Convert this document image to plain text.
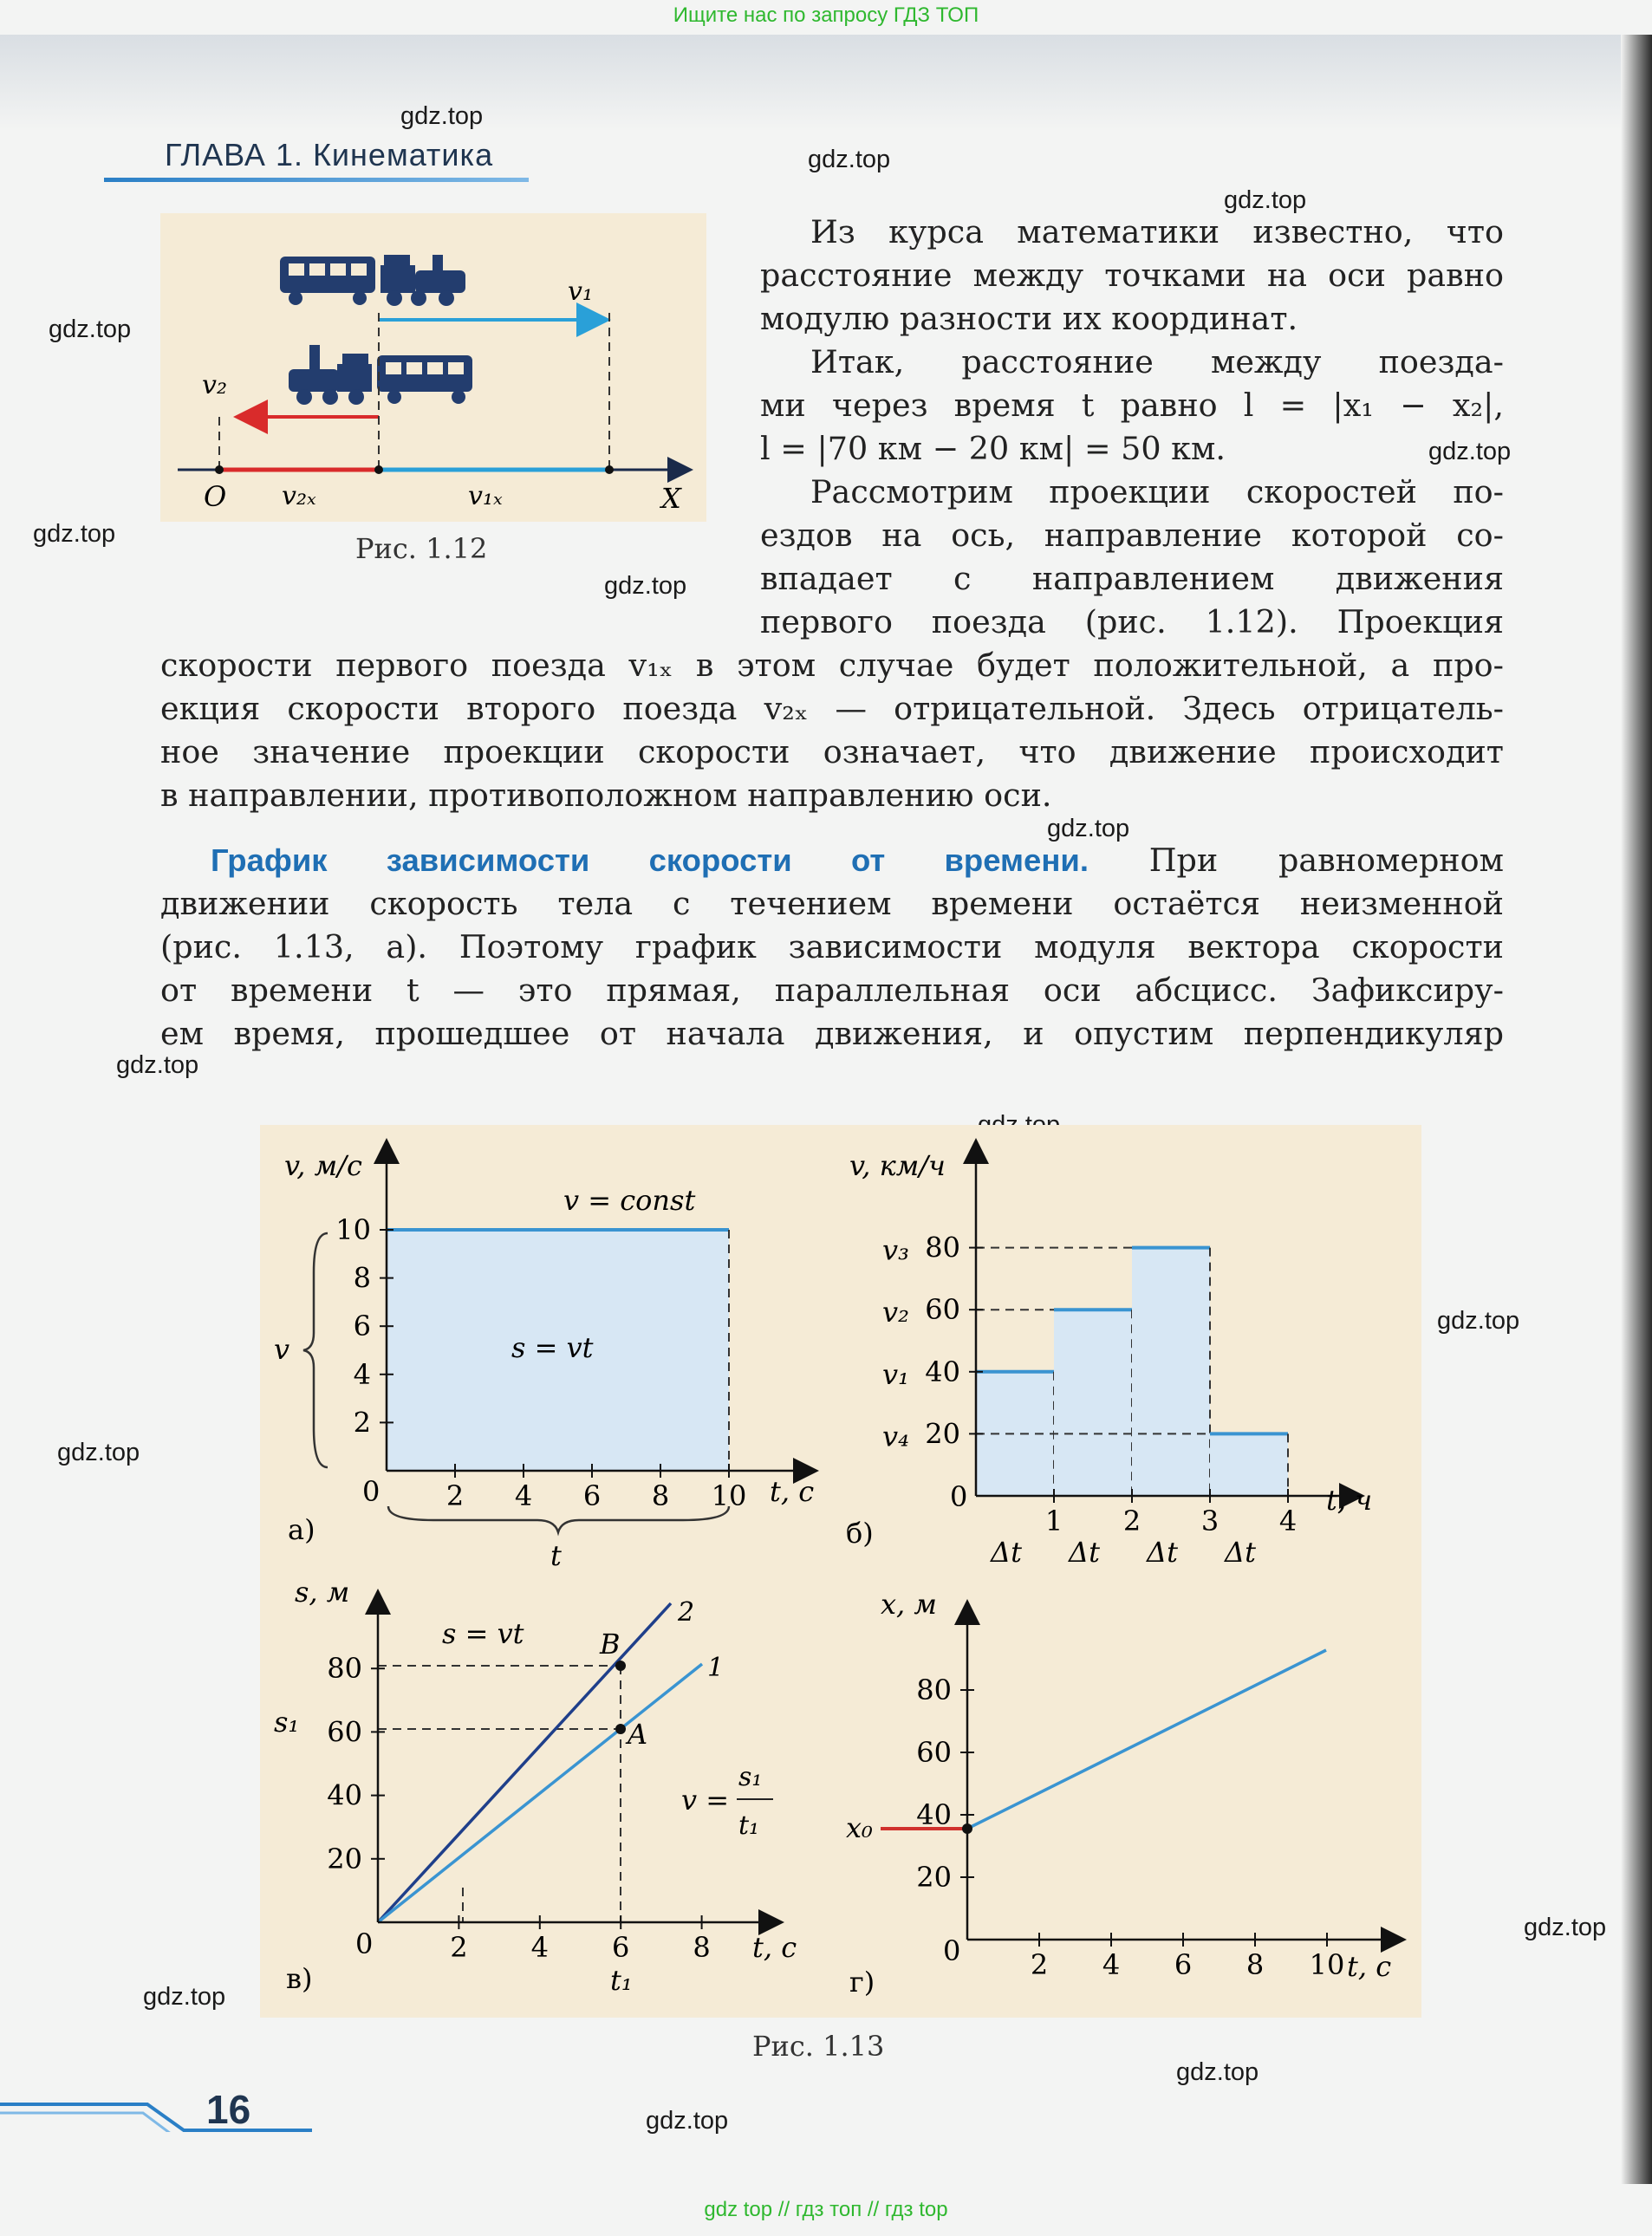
Ищите нас по запросу ГДЗ ТОП
ГЛАВА 1. Кинематика
gdz.top
gdz.top
gdz.top
gdz.top
gdz.top
gdz.top
gdz.top
gdz.top
gdz.top
gdz.top
gdz.top
gdz.top
gdz.top
gdz.top
gdz.top
v₁
v₂
O v₂ₓ	v₁ₓ	X
Рис. 1.12
Из курса математики известно, что
расстояние между точками на оси равно
модулю разности их координат.
Итак, расстояние между поезда-
ми через время t равно l = |x₁ − x₂|,
l = |70 км − 20 км| = 50 км.
Рассмотрим проекции скоростей по-
ездов на ось, направление которой со-
впадает с направлением движения
первого поезда (рис. 1.12). Проекция
скорости первого поезда v₁ₓ в этом случае будет положительной, а про-
екция скорости второго поезда v₂ₓ — отрицательной. Здесь отрицатель-
ное значение проекции скорости означает, что движение происходит
в направлении, противоположном направлению оси.
График зависимости скорости от времени. При равномерном
движении скорость тела с течением времени остаётся неизменной
(рис. 1.13, а). Поэтому график зависимости модуля вектора скорости
от времени t — это прямая, параллельная оси абсцисс. Зафиксиру-
ем время, прошедшее от начала движения, и опустим перпендикуляр
2
4
6
8
10
2 4 6 8 10
v, м/с
t, с
v = const
s = vt
0
а)
v
t
20
v₄
40
v₁
60
v₂
80
v₃
1
Δt
2
Δt
3
Δt
4
Δt
v, км/ч
t, ч
0
б)
20
40
60
80
2 4 6 8
s, м
t, с
0
s₁
t₁
s = vt	B
A
2
1
v =
s₁
t₁
в)
20
40
60
80
2 4 6 8 10
x, м
t, с
0
x₀
г)
Рис. 1.13
16
gdz top // гдз топ // гдз top
